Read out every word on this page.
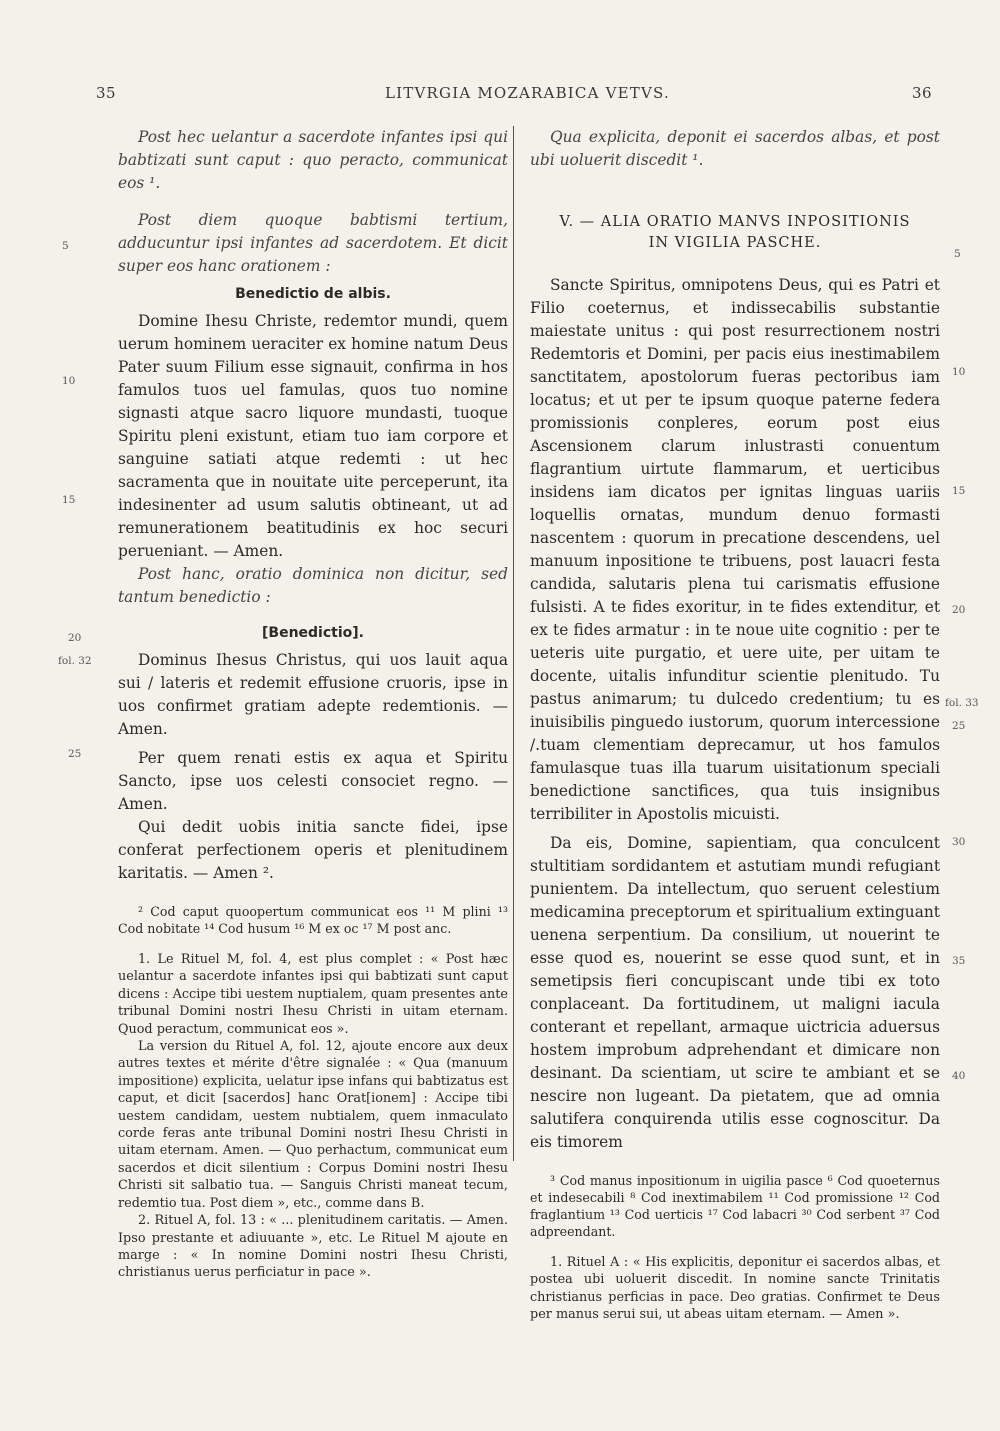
35	LITVRGIA MOZARABICA VETVS.	36
5
10
15
20
fol. 32
25
5
10
15
20
fol. 33
25
30
35
40

Post hec uelantur a sacerdote infantes ipsi qui babtizati sunt caput : quo peracto, communicat eos ¹.

Post diem quoque babtismi tertium, adducuntur ipsi infantes ad sacerdotem. Et dicit super eos hanc orationem :

Benedictio de albis.

Domine Ihesu Christe, redemtor mundi, quem uerum hominem ueraciter ex homine natum Deus Pater suum Filium esse signauit, confirma in hos famulos tuos uel famulas, quos tuo nomine signasti atque sacro liquore mundasti, tuoque Spiritu pleni existunt, etiam tuo iam corpore et sanguine satiati atque redemti : ut hec sacramenta que in nouitate uite perceperunt, ita indesinenter ad usum salutis obtineant, ut ad remunerationem beatitudinis ex hoc securi perueniant. — Amen.

Post hanc, oratio dominica non dicitur, sed tantum benedictio :

[Benedictio].

Dominus Ihesus Christus, qui uos lauit aqua sui / lateris et redemit effusione cruoris, ipse in uos confirmet gratiam adepte redemtionis. — Amen.

Per quem renati estis ex aqua et Spiritu Sancto, ipse uos celesti consociet regno. — Amen.

Qui dedit uobis initia sancte fidei, ipse conferat perfectionem operis et plenitudinem karitatis. — Amen ².

² Cod caput quoopertum communicat eos ¹¹ M plini ¹³ Cod nobitate ¹⁴ Cod husum ¹⁶ M ex oc ¹⁷ M post anc.

1. Le Rituel M, fol. 4, est plus complet : « Post hæc uelantur a sacerdote infantes ipsi qui babtizati sunt caput dicens : Accipe tibi uestem nuptialem, quam presentes ante tribunal Domini nostri Ihesu Christi in uitam eternam. Quod peractum, communicat eos ».

La version du Rituel A, fol. 12, ajoute encore aux deux autres textes et mérite d'être signalée : « Qua (manuum impositione) explicita, uelatur ipse infans qui babtizatus est caput, et dicit [sacerdos] hanc Orat[ionem] : Accipe tibi uestem candidam, uestem nubtialem, quem inmaculato corde feras ante tribunal Domini nostri Ihesu Christi in uitam eternam. Amen. — Quo perhactum, communicat eum sacerdos et dicit silentium : Corpus Domini nostri Ihesu Christi sit salbatio tua. — Sanguis Christi maneat tecum, redemtio tua. Post diem », etc., comme dans B.

2. Rituel A, fol. 13 : « ... plenitudinem caritatis. — Amen. Ipso prestante et adiuuante », etc. Le Rituel M ajoute en marge : « In nomine Domini nostri Ihesu Christi, christianus uerus perficiatur in pace ».

Qua explicita, deponit ei sacerdos albas, et post ubi uoluerit discedit ¹.

V. — ALIA ORATIO MANVS INPOSITIONIS
IN VIGILIA PASCHE.

Sancte Spiritus, omnipotens Deus, qui es Patri et Filio coeternus, et indissecabilis substantie maiestate unitus : qui post resurrectionem nostri Redemtoris et Domini, per pacis eius inestimabilem sanctitatem, apostolorum fueras pectoribus iam locatus; et ut per te ipsum quoque paterne federa promissionis conpleres, eorum post eius Ascensionem clarum inlustrasti conuentum flagrantium uirtute flammarum, et uerticibus insidens iam dicatos per ignitas linguas uariis loquellis ornatas, mundum denuo formasti nascentem : quorum in precatione descendens, uel manuum inpositione te tribuens, post lauacri festa candida, salutaris plena tui carismatis effusione fulsisti. A te fides exoritur, in te fides extenditur, et ex te fides armatur : in te noue uite cognitio : per te ueteris uite purgatio, et uere uite, per uitam te docente, uitalis infunditur scientie plenitudo. Tu pastus animarum; tu dulcedo credentium; tu es inuisibilis pinguedo iustorum, quorum intercessione /.tuam clementiam deprecamur, ut hos famulos famulasque tuas illa tuarum uisitationum speciali benedictione sanctifices, qua tuis insignibus terribiliter in Apostolis micuisti.

Da eis, Domine, sapientiam, qua conculcent stultitiam sordidantem et astutiam mundi refugiant punientem. Da intellectum, quo seruent celestium medicamina preceptorum et spiritualium extinguant uenena serpentium. Da consilium, ut nouerint te esse quod es, nouerint se esse quod sunt, et in semetipsis fieri concupiscant unde tibi ex toto conplaceant. Da fortitudinem, ut maligni iacula conterant et repellant, armaque uictricia aduersus hostem improbum adprehendant et dimicare non desinant. Da scientiam, ut scire te ambiant et se nescire non lugeant. Da pietatem, que ad omnia salutifera conquirenda utilis esse cognoscitur. Da eis timorem

³ Cod manus inpositionum in uigilia pasce ⁶ Cod quoeternus et indesecabili ⁸ Cod inextimabilem ¹¹ Cod promissione ¹² Cod fraglantium ¹³ Cod uerticis ¹⁷ Cod labacri ³⁰ Cod serbent ³⁷ Cod adpreendant.

1. Rituel A : « His explicitis, deponitur ei sacerdos albas, et postea ubi uoluerit discedit. In nomine sancte Trinitatis christianus perficias in pace. Deo gratias. Confirmet te Deus per manus serui sui, ut abeas uitam eternam. — Amen ».
